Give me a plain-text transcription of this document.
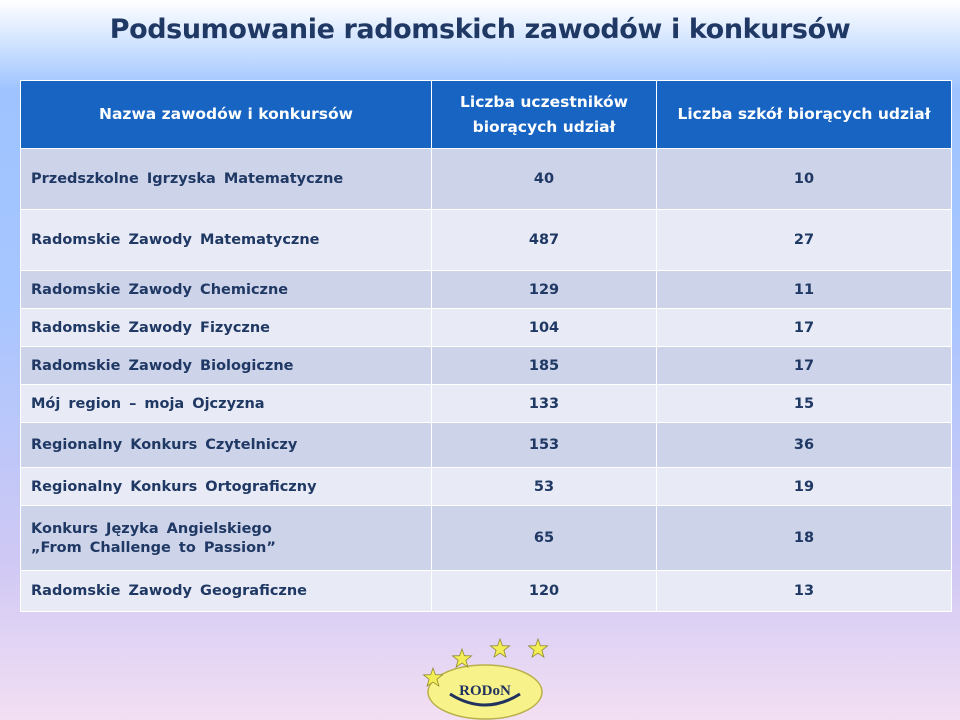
Podsumowanie radomskich zawodów i konkursów
Nazwa zawodów i konkursów	Liczba uczestników biorących udział	Liczba szkół biorących udział
Przedszkolne Igrzyska Matematyczne	40	10
Radomskie Zawody Matematyczne	487	27
Radomskie Zawody Chemiczne	129	11
Radomskie Zawody Fizyczne	104	17
Radomskie Zawody Biologiczne	185	17
Mój region – moja Ojczyzna	133	15
Regionalny Konkurs Czytelniczy	153	36
Regionalny Konkurs Ortograficzny	53	19

Konkurs Języka Angielskiego
„From Challenge to Passion”	65	18
Radomskie Zawody Geograficzne	120	13
RODoN
